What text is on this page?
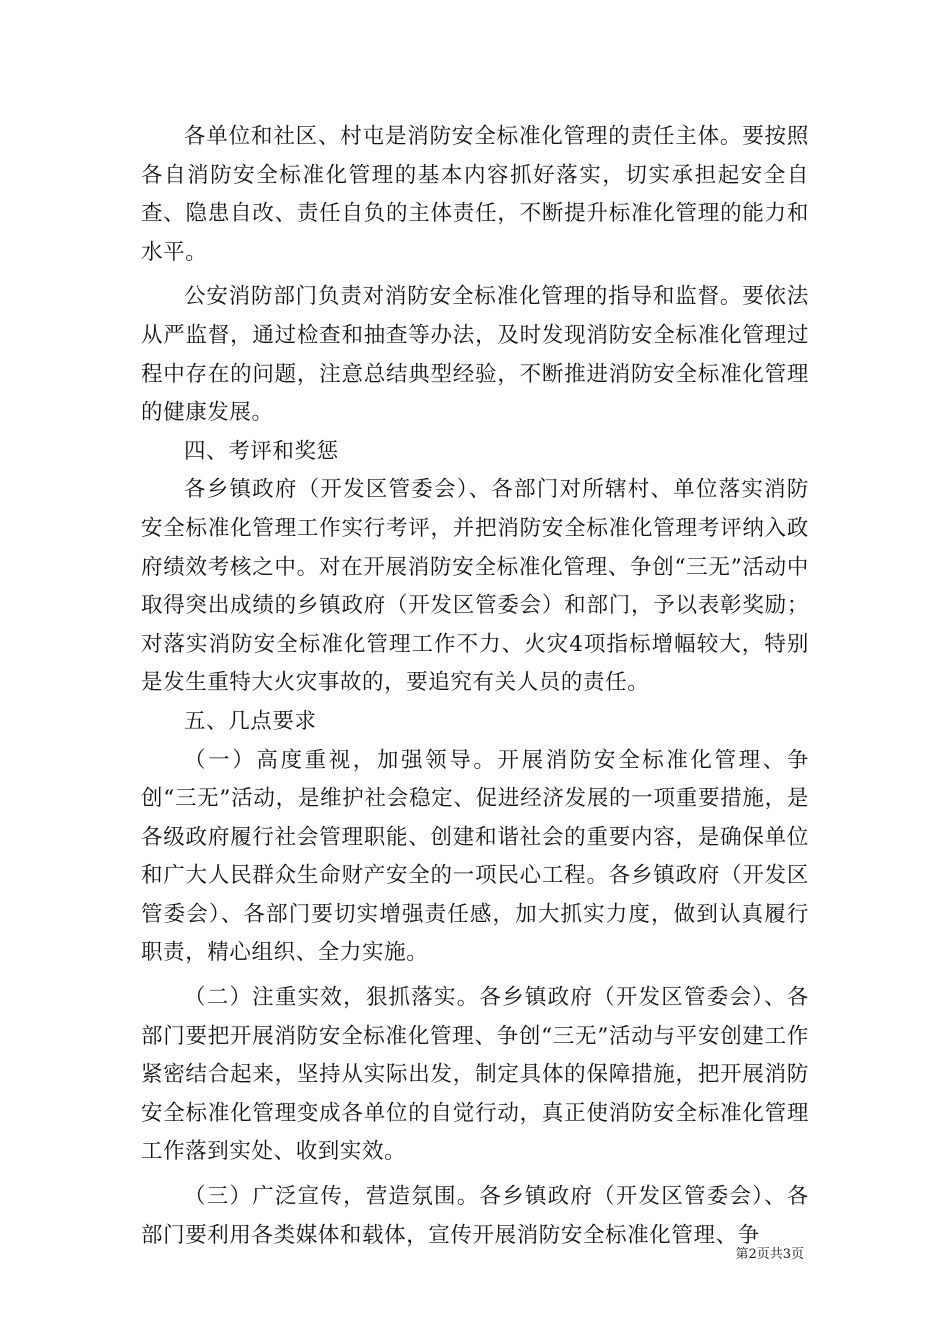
各单位和社区、村屯是消防安全标准化管理的责任主体。要按照各自消防安全标准化管理的基本内容抓好落实，切实承担起安全自查、隐患自改、责任自负的主体责任，不断提升标准化管理的能力和水平。

公安消防部门负责对消防安全标准化管理的指导和监督。要依法从严监督，通过检查和抽查等办法，及时发现消防安全标准化管理过程中存在的问题，注意总结典型经验，不断推进消防安全标准化管理的健康发展。

四、考评和奖惩

各乡镇政府（开发区管委会）、各部门对所辖村、单位落实消防安全标准化管理工作实行考评，并把消防安全标准化管理考评纳入政府绩效考核之中。对在开展消防安全标准化管理、争创“三无”活动中取得突出成绩的乡镇政府（开发区管委会）和部门，予以表彰奖励；对落实消防安全标准化管理工作不力、火灾4项指标增幅较大，特别是发生重特大火灾事故的，要追究有关人员的责任。

五、几点要求

（一）高度重视，加强领导。开展消防安全标准化管理、争创“三无”活动，是维护社会稳定、促进经济发展的一项重要措施，是各级政府履行社会管理职能、创建和谐社会的重要内容，是确保单位和广大人民群众生命财产安全的一项民心工程。各乡镇政府（开发区管委会）、各部门要切实增强责任感，加大抓实力度，做到认真履行职责，精心组织、全力实施。

（二）注重实效，狠抓落实。各乡镇政府（开发区管委会）、各部门要把开展消防安全标准化管理、争创“三无”活动与平安创建工作紧密结合起来，坚持从实际出发，制定具体的保障措施，把开展消防安全标准化管理变成各单位的自觉行动，真正使消防安全标准化管理工作落到实处、收到实效。

（三）广泛宣传，营造氛围。各乡镇政府（开发区管委会）、各部门要利用各类媒体和载体，宣传开展消防安全标准化管理、争

第2页共3页
